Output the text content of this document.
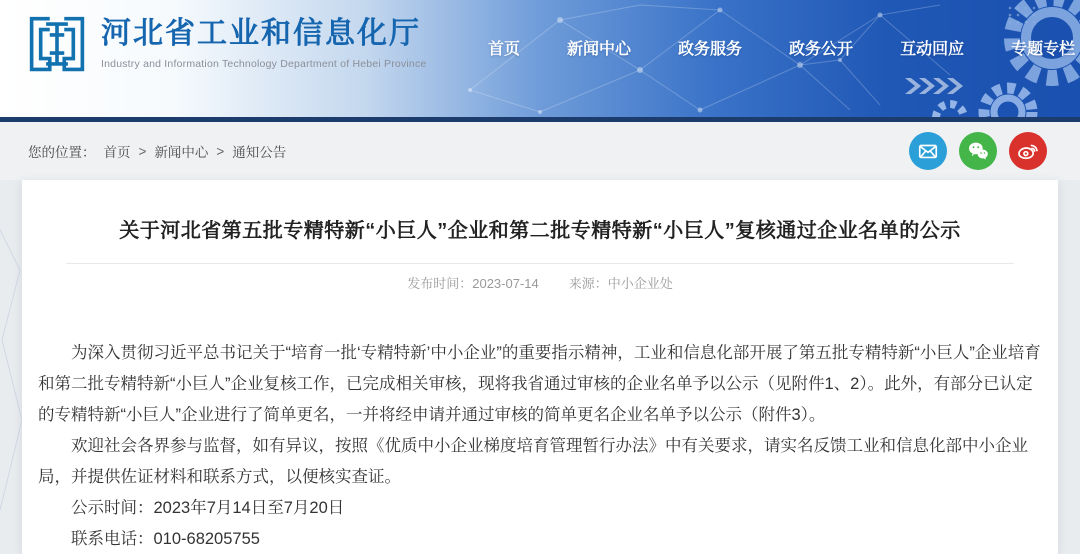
河北省工业和信息化厅
Industry and Information Technology Department of Hebei Province
首页	新闻中心	政务服务	政务公开	互动回应	专题专栏
您的位置： 首页 > 新闻中心 > 通知公告
关于河北省第五批专精特新“小巨人”企业和第二批专精特新“小巨人”复核通过企业名单的公示
发布时间：2023-07-14 来源：中小企业处

为深入贯彻习近平总书记关于“培育一批‘专精特新’中小企业”的重要指示精神，工业和信息化部开展了第五批专精特新“小巨人”企业培育和第二批专精特新“小巨人”企业复核工作，已完成相关审核，现将我省通过审核的企业名单予以公示（见附件1、2）。此外，有部分已认定的专精特新“小巨人”企业进行了简单更名，一并将经申请并通过审核的简单更名企业名单予以公示（附件3）。

欢迎社会各界参与监督，如有异议，按照《优质中小企业梯度培育管理暂行办法》中有关要求，请实名反馈工业和信息化部中小企业局，并提供佐证材料和联系方式，以便核实查证。

公示时间：2023年7月14日至7月20日

联系电话：010-68205755
